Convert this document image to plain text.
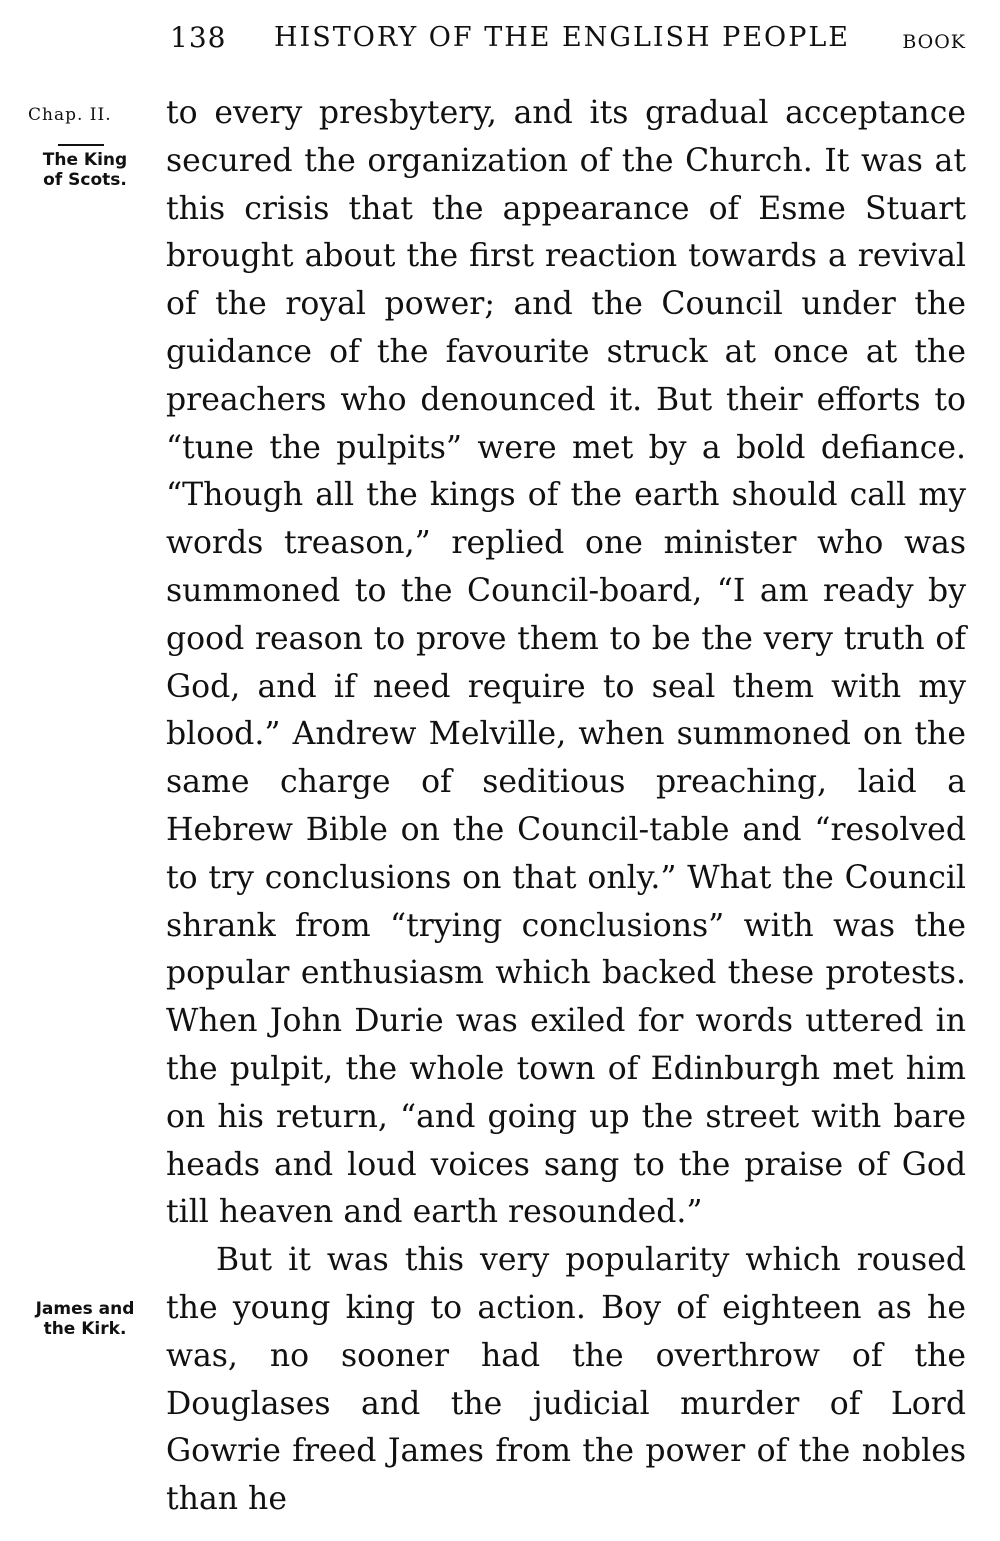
138 HISTORY OF THE ENGLISH PEOPLE	BOOK
Chap. II.
The King
of Scots.
James and
the Kirk.

to every presbytery, and its gradual acceptance secured the organization of the Church. It was at this crisis that the appearance of Esme Stuart brought about the first reaction towards a revival of the royal power; and the Council under the guidance of the favourite struck at once at the preachers who denounced it. But their efforts to “tune the pulpits” were met by a bold defiance. “Though all the kings of the earth should call my words treason,” replied one minister who was summoned to the Council-board, “I am ready by good reason to prove them to be the very truth of God, and if need require to seal them with my blood.” Andrew Melville, when summoned on the same charge of seditious preaching, laid a Hebrew Bible on the Council-table and “resolved to try conclusions on that only.” What the Council shrank from “trying conclusions” with was the popular enthusiasm which backed these protests. When John Durie was exiled for words uttered in the pulpit, the whole town of Edinburgh met him on his return, “and going up the street with bare heads and loud voices sang to the praise of God till heaven and earth resounded.”

But it was this very popularity which roused the young king to action. Boy of eighteen as he was, no sooner had the overthrow of the Douglases and the judicial murder of Lord Gowrie freed James from the power of the nobles than he
